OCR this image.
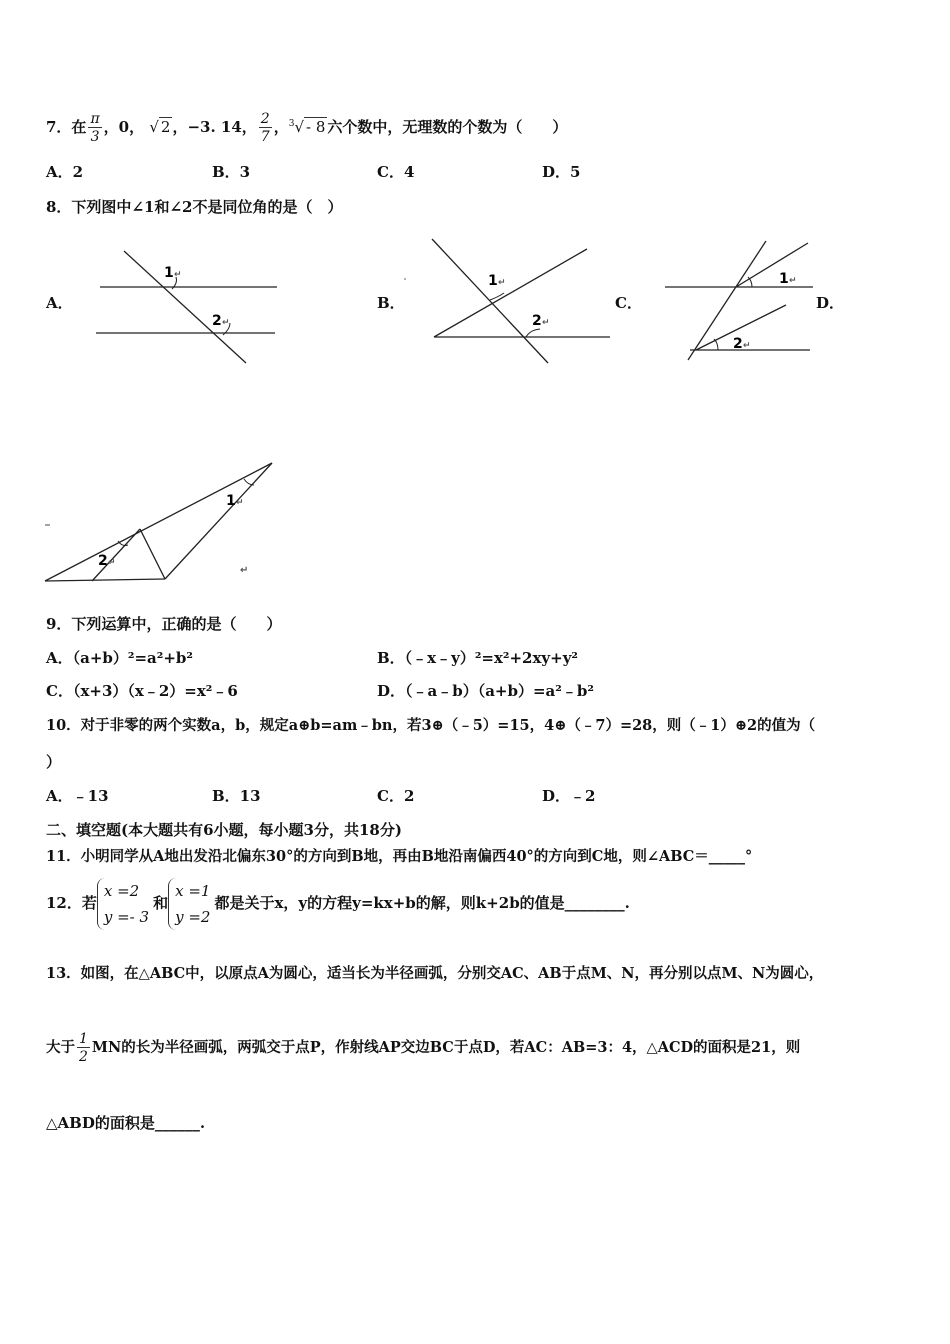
7．在 $\frac{\pi}{3}$ ，0， √ 2 ，−3. 14， $\frac{2}{7}$ ，$^3$√ - 8 六个数中，无理数的个数为（　　）
A．2	B．3	C．4	D．5
8．下列图中∠1和∠2不是同位角的是（　）
A．	B．	C．	D．
1 ↵
2 ↵
1 ↵
2 ↵
1 ↵
2 ↵
1 ↵
2 ↵
↵
9．下列运算中，正确的是（　　）
A．（a+b）²=a²+b²	B．（﹣x﹣y）²=x²+2xy+y²
C．（x+3）（x﹣2）=x²﹣6	D．（﹣a﹣b）（a+b）=a²﹣b²
10．对于非零的两个实数a，b，规定a⊕b=am﹣bn，若3⊕（﹣5）=15，4⊕（﹣7）=28，则（﹣1）⊕2的值为（
）
A．﹣13	B．13	C．2	D．﹣2
二、填空题(本大题共有6小题，每小题3分，共18分)
11．小明同学从A地出发沿北偏东30°的方向到B地，再由B地沿南偏西40°的方向到C地，则∠ABC＝_____°
12．若
x =2
y =- 3
和
x =1
y =2
都是关于x，y的方程y=kx+b的解，则k+2b的值是________.
13．如图，在△ABC中，以原点A为圆心，适当长为半径画弧，分别交AC、AB于点M、N，再分别以点M、N为圆心，
大于 $\frac{1}{2}$ MN的长为半径画弧，两弧交于点P，作射线AP交边BC于点D，若AC：AB=3：4，△ACD的面积是21，则
△ABD的面积是______.
